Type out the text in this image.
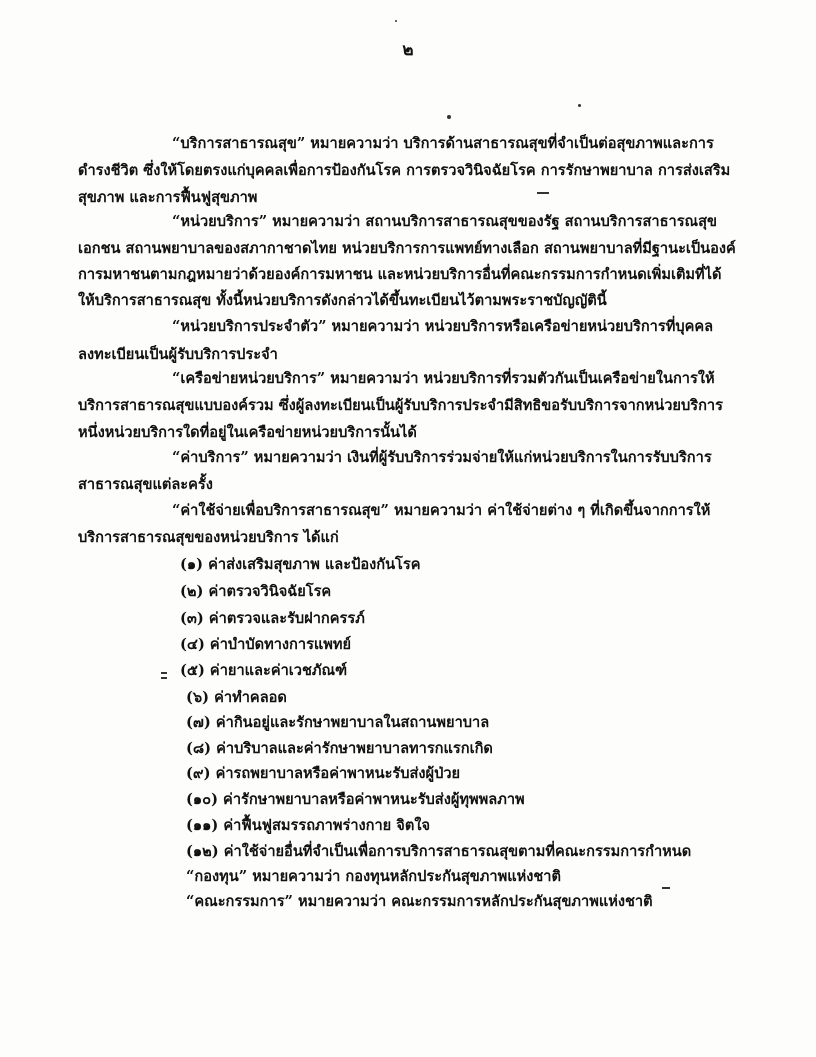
๒
“บริการสาธารณสุข” หมายความว่า บริการด้านสาธารณสุขที่จำเป็นต่อสุขภาพและการ
ดำรงชีวิต ซึ่งให้โดยตรงแก่บุคคลเพื่อการป้องกันโรค การตรวจวินิจฉัยโรค การรักษาพยาบาล การส่งเสริม
สุขภาพ และการฟื้นฟูสุขภาพ
“หน่วยบริการ” หมายความว่า สถานบริการสาธารณสุขของรัฐ สถานบริการสาธารณสุข
เอกชน สถานพยาบาลของสภากาชาดไทย หน่วยบริการการแพทย์ทางเลือก สถานพยาบาลที่มีฐานะเป็นองค์
การมหาชนตามกฎหมายว่าด้วยองค์การมหาชน และหน่วยบริการอื่นที่คณะกรรมการกำหนดเพิ่มเติมที่ได้
ให้บริการสาธารณสุข ทั้งนี้หน่วยบริการดังกล่าวได้ขึ้นทะเบียนไว้ตามพระราชบัญญัตินี้
“หน่วยบริการประจำตัว” หมายความว่า หน่วยบริการหรือเครือข่ายหน่วยบริการที่บุคคล
ลงทะเบียนเป็นผู้รับบริการประจำ
“เครือข่ายหน่วยบริการ” หมายความว่า หน่วยบริการที่รวมตัวกันเป็นเครือข่ายในการให้
บริการสาธารณสุขแบบองค์รวม ซึ่งผู้ลงทะเบียนเป็นผู้รับบริการประจำมีสิทธิขอรับบริการจากหน่วยบริการ
หนึ่งหน่วยบริการใดที่อยู่ในเครือข่ายหน่วยบริการนั้นได้
“ค่าบริการ” หมายความว่า เงินที่ผู้รับบริการร่วมจ่ายให้แก่หน่วยบริการในการรับบริการ
สาธารณสุขแต่ละครั้ง
“ค่าใช้จ่ายเพื่อบริการสาธารณสุข” หมายความว่า ค่าใช้จ่ายต่าง ๆ ที่เกิดขึ้นจากการให้
บริการสาธารณสุขของหน่วยบริการ ได้แก่
(๑) ค่าส่งเสริมสุขภาพ และป้องกันโรค
(๒) ค่าตรวจวินิจฉัยโรค
(๓) ค่าตรวจและรับฝากครรภ์
(๔) ค่าบำบัดทางการแพทย์
(๕) ค่ายาและค่าเวชภัณฑ์
(๖) ค่าทำคลอด
(๗) ค่ากินอยู่และรักษาพยาบาลในสถานพยาบาล
(๘) ค่าบริบาลและค่ารักษาพยาบาลทารกแรกเกิด
(๙) ค่ารถพยาบาลหรือค่าพาหนะรับส่งผู้ป่วย
(๑๐) ค่ารักษาพยาบาลหรือค่าพาหนะรับส่งผู้ทุพพลภาพ
(๑๑) ค่าฟื้นฟูสมรรถภาพร่างกาย จิตใจ
(๑๒) ค่าใช้จ่ายอื่นที่จำเป็นเพื่อการบริการสาธารณสุขตามที่คณะกรรมการกำหนด
“กองทุน” หมายความว่า กองทุนหลักประกันสุขภาพแห่งชาติ
“คณะกรรมการ” หมายความว่า คณะกรรมการหลักประกันสุขภาพแห่งชาติ
